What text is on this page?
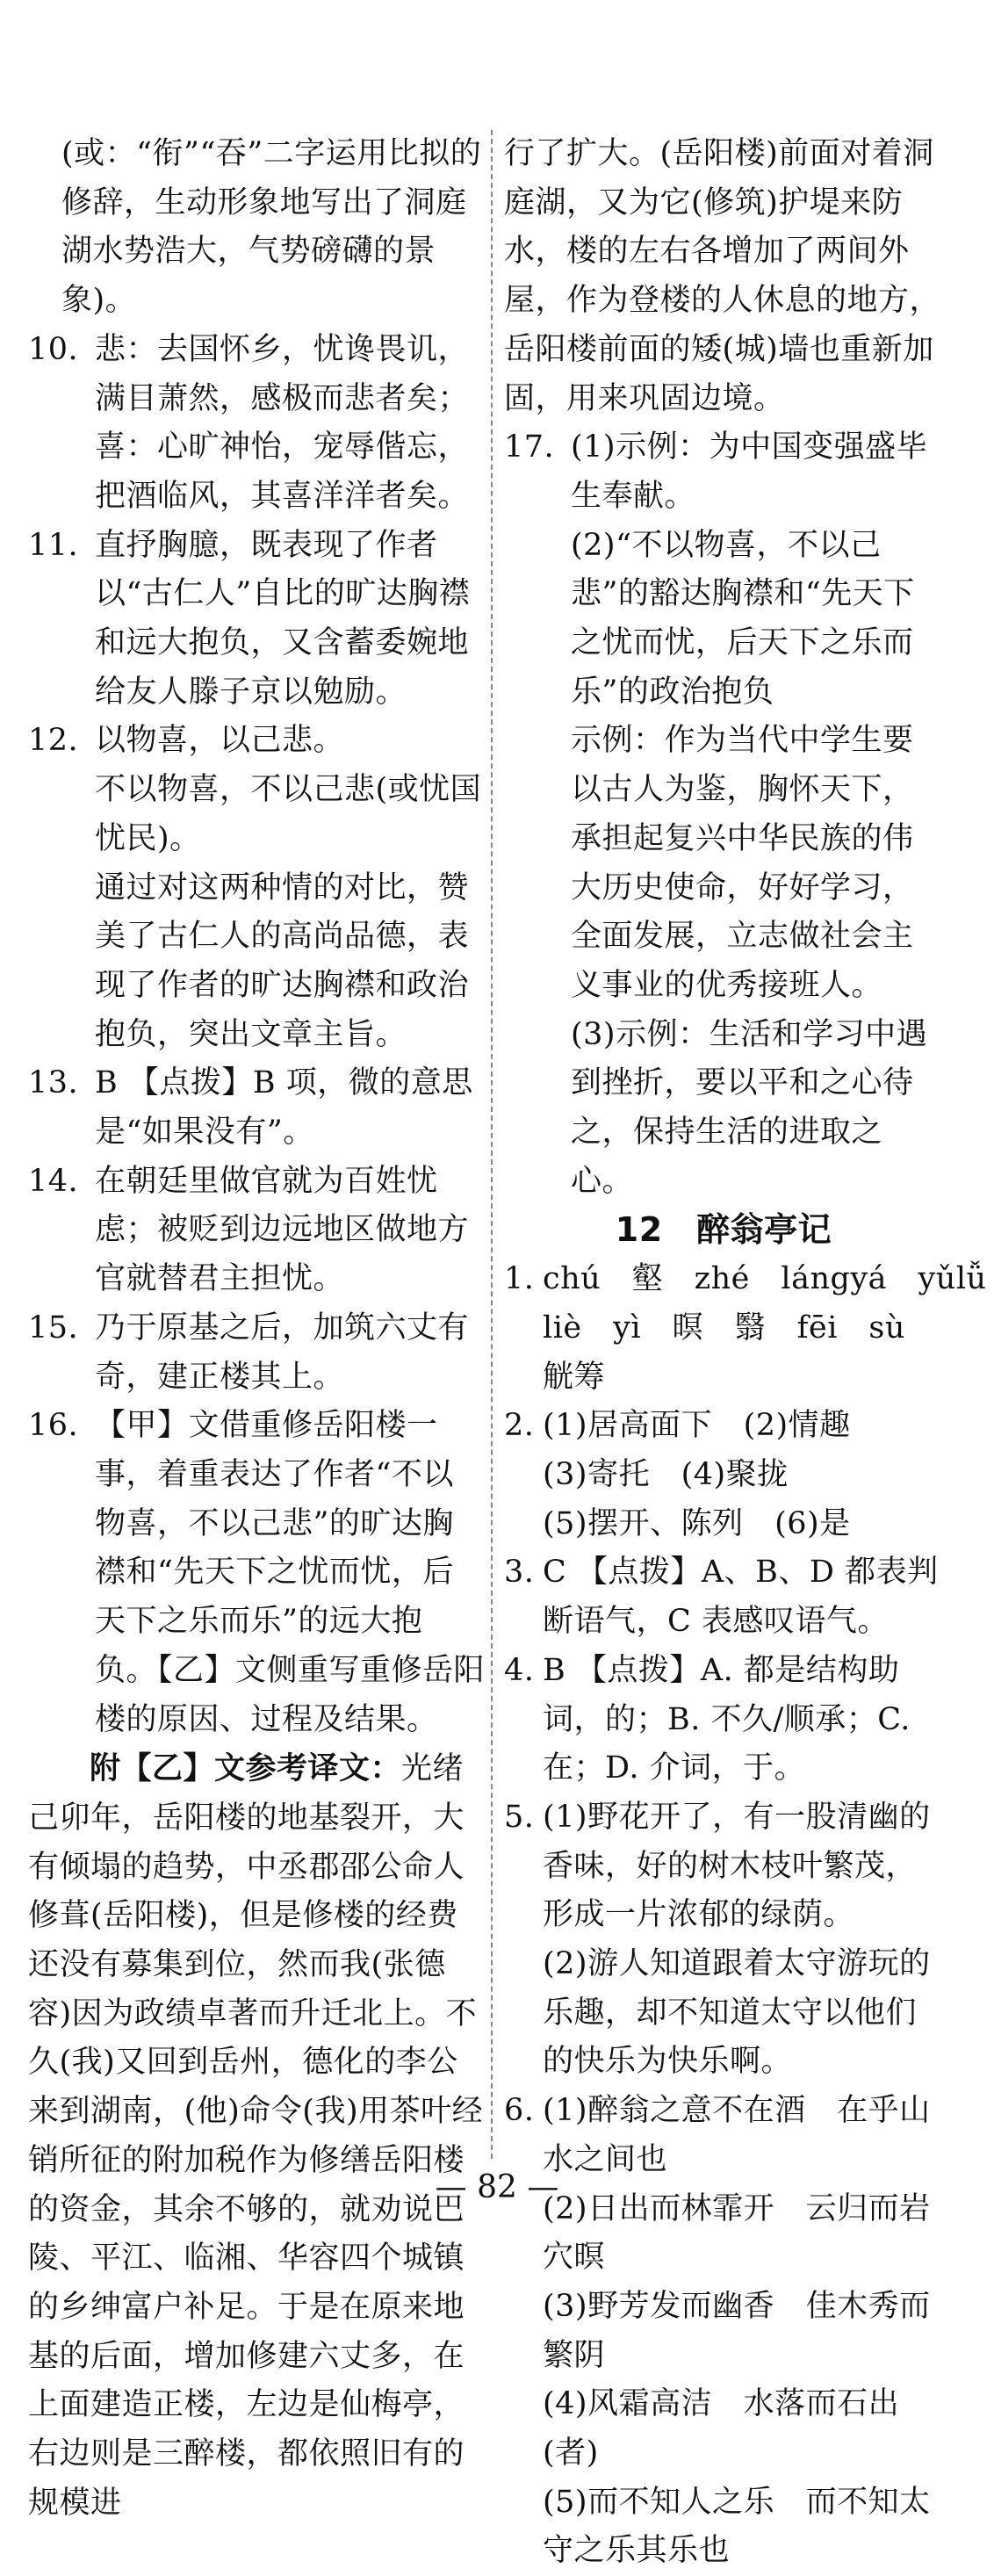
(或：“衔”“吞”二字运用比拟的修辞，生动形象地写出了洞庭湖水势浩大，气势磅礴的景象)。

10. 悲：去国怀乡，忧谗畏讥，满目萧然，感极而悲者矣；喜：心旷神怡，宠辱偕忘，把酒临风，其喜洋洋者矣。
11. 直抒胸臆，既表现了作者以“古仁人”自比的旷达胸襟和远大抱负，又含蓄委婉地给友人滕子京以勉励。
12. 以物喜，以己悲。

不以物喜，不以己悲(或忧国忧民)。

通过对这两种情的对比，赞美了古仁人的高尚品德，表现了作者的旷达胸襟和政治抱负，突出文章主旨。

13. B 【点拨】B 项，微的意思是“如果没有”。
14. 在朝廷里做官就为百姓忧虑；被贬到边远地区做地方官就替君主担忧。
15. 乃于原基之后，加筑六丈有奇，建正楼其上。
16. 【甲】文借重修岳阳楼一事，着重表达了作者“不以物喜，不以己悲”的旷达胸襟和“先天下之忧而忧，后天下之乐而乐”的远大抱负。【乙】文侧重写重修岳阳楼的原因、过程及结果。

附【乙】文参考译文：光绪己卯年，岳阳楼的地基裂开，大有倾塌的趋势，中丞郡邵公命人修葺(岳阳楼)，但是修楼的经费还没有募集到位，然而我(张德容)因为政绩卓著而升迁北上。不久(我)又回到岳州，德化的李公来到湖南，(他)命令(我)用茶叶经销所征的附加税作为修缮岳阳楼的资金，其余不够的，就劝说巴陵、平江、临湘、华容四个城镇的乡绅富户补足。于是在原来地基的后面，增加修建六丈多，在上面建造正楼，左边是仙梅亭，右边则是三醉楼，都依照旧有的规模进

行了扩大。(岳阳楼)前面对着洞庭湖，又为它(修筑)护堤来防水，楼的左右各增加了两间外屋，作为登楼的人休息的地方，岳阳楼前面的矮(城)墙也重新加固，用来巩固边境。

17. (1)示例：为中国变强盛毕生奉献。

(2)“不以物喜，不以己悲”的豁达胸襟和“先天下之忧而忧，后天下之乐而乐”的政治抱负

示例：作为当代中学生要以古人为鉴，胸怀天下，承担起复兴中华民族的伟大历史使命，好好学习，全面发展，立志做社会主义事业的优秀接班人。

(3)示例：生活和学习中遇到挫折，要以平和之心待之，保持生活的进取之心。

12　醉翁亭记

1. chú　壑　zhé　lángyá　yǔlǚ

liè　yì　暝　翳　fēi　sù

觥筹

2. (1)居高面下　(2)情趣

(3)寄托　(4)聚拢

(5)摆开、陈列　(6)是

3. C 【点拨】A、B、D 都表判断语气，C 表感叹语气。
4. B 【点拨】A. 都是结构助词，的；B. 不久/顺承；C. 在；D. 介词，于。
5. (1)野花开了，有一股清幽的香味，好的树木枝叶繁茂，形成一片浓郁的绿荫。

(2)游人知道跟着太守游玩的乐趣，却不知道太守以他们的快乐为快乐啊。

6. (1)醉翁之意不在酒　在乎山水之间也

(2)日出而林霏开　云归而岩穴暝

(3)野芳发而幽香　佳木秀而繁阴

(4)风霜高洁　水落而石出(者)

(5)而不知人之乐　而不知太守之乐其乐也

— 82 —
